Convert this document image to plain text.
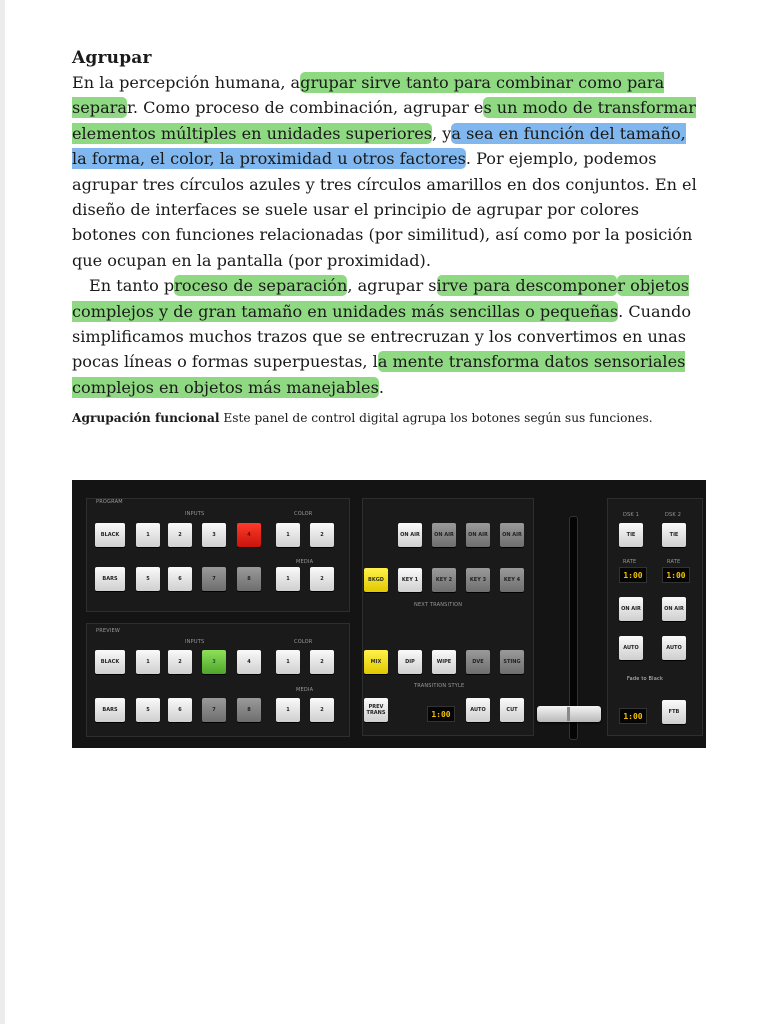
Agrupar

En la percepción humana, agrupar sirve tanto para combinar como para separar. Como proceso de combinación, agrupar es un modo de transformar elementos múltiples en unidades superiores, ya sea en función del tamaño, la forma, el color, la proximidad u otros factores. Por ejemplo, podemos agrupar tres círculos azules y tres círculos amarillos en dos conjuntos. En el diseño de interfaces se suele usar el principio de agrupar por colores botones con funciones relacionadas (por similitud), así como por la posición que ocupan en la pantalla (por proximidad).

En tanto proceso de separación, agrupar sirve para descomponer objetos complejos y de gran tamaño en unidades más sencillas o pequeñas. Cuando simplificamos muchos trazos que se entrecruzan y los convertimos en unas pocas líneas o formas superpuestas, la mente transforma datos sensoriales complejos en objetos más manejables.

Agrupación funcional Este panel de control digital agrupa los botones según sus funciones.
PROGRAM
INPUTS	COLOR
MEDIA
PREVIEW
INPUTS	COLOR
MEDIA
NEXT TRANSITION
TRANSITION STYLE
DSK 1	DSK 2
RATE	RATE
Fade to Black
BLACK	1	2	3	4	1	2
BARS	5	6	7	8	1	2
BLACK	1	2	3	4	1	2
BARS	5	6	7	8	1	2
ON AIR	ON AIR	ON AIR	ON AIR
BKGD	KEY 1	KEY 2	KEY 3	KEY 4
MIX	DIP	WIPE	DVE	STING
PREV TRANS	1:00	AUTO	CUT
TIE	TIE
1:00	1:00
ON AIR	ON AIR
AUTO	AUTO
1:00	FTB
